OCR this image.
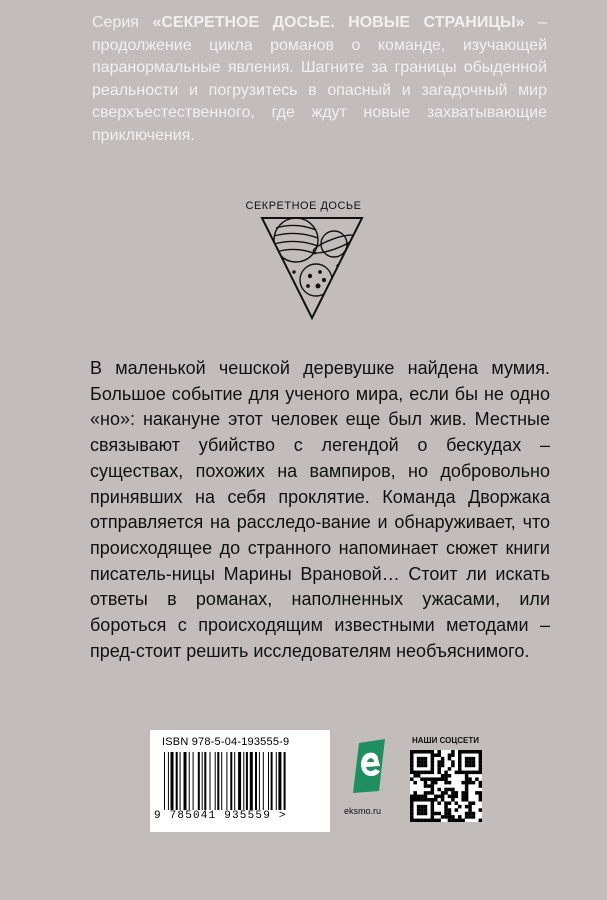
Серия «СЕКРЕТНОЕ ДОСЬЕ. НОВЫЕ СТРАНИЦЫ» – продолжение цикла романов о команде, изучающей паранормальные явления. Шагните за границы обыденной реальности и погрузитесь в опасный и загадочный мир сверхъестественного, где ждут новые захватывающие приключения.
СЕКРЕТНОЕ ДОСЬЕ

В маленькой чешской деревушке найдена мумия. Большое событие для ученого мира, если бы не одно «но»: накануне этот человек еще был жив. Местные связывают убийство с легендой о бескудах – существах, похожих на вампиров, но добровольно принявших на себя проклятие. Команда Дворжака отправляется на расследо-вание и обнаруживает, что происходящее до странного напоминает сюжет книги писатель-ницы Марины Врановой… Стоит ли искать ответы в романах, наполненных ужасами, или бороться с происходящим известными методами – пред-стоит решить исследователям необъяснимого.

ISBN 978-5-04-193555-9
9 785041 935559 >	eksmo.ru
НАШИ СОЦСЕТИ
